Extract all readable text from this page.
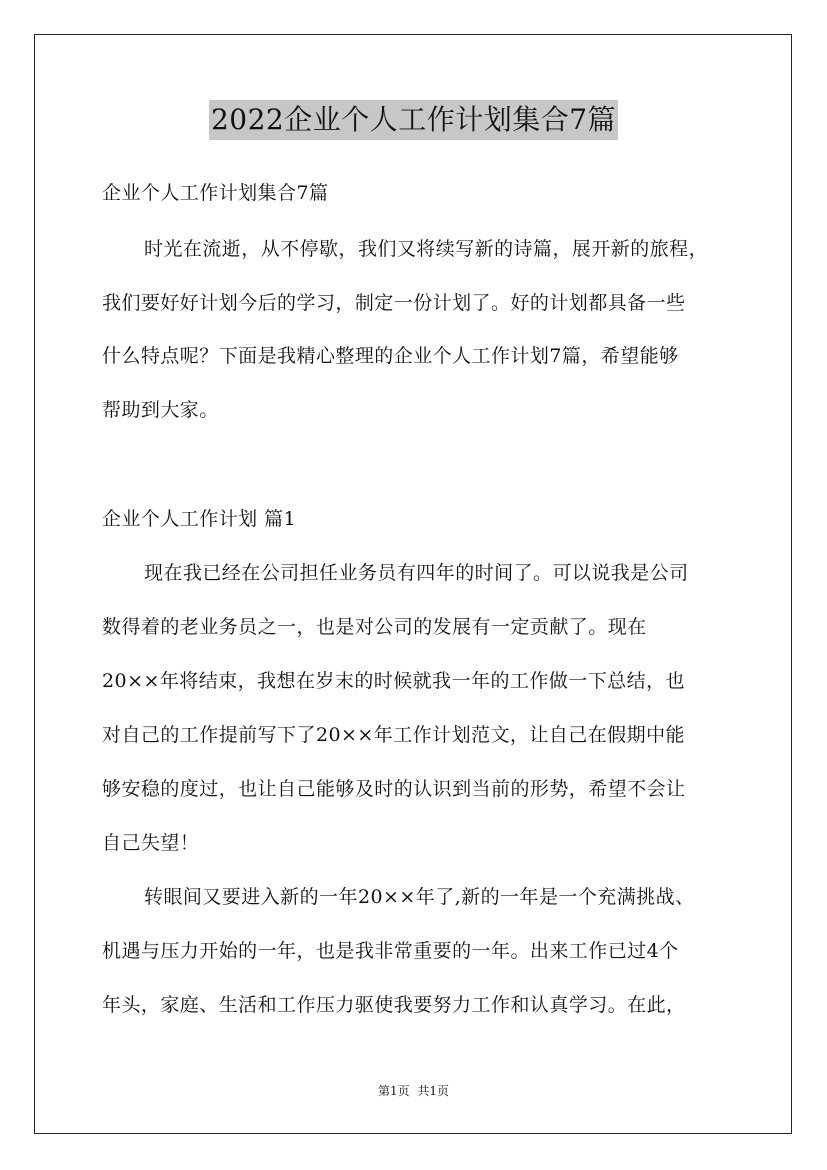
2022企业个人工作计划集合7篇
企业个人工作计划集合7篇
时光在流逝，从不停歇，我们又将续写新的诗篇，展开新的旅程，
我们要好好计划今后的学习，制定一份计划了。好的计划都具备一些
什么特点呢？下面是我精心整理的企业个人工作计划7篇，希望能够
帮助到大家。
企业个人工作计划 篇1
现在我已经在公司担任业务员有四年的时间了。可以说我是公司
数得着的老业务员之一，也是对公司的发展有一定贡献了。现在
20××年将结束，我想在岁末的时候就我一年的工作做一下总结，也
对自己的工作提前写下了20××年工作计划范文，让自己在假期中能
够安稳的度过，也让自己能够及时的认识到当前的形势，希望不会让
自己失望！
转眼间又要进入新的一年20××年了,新的一年是一个充满挑战、
机遇与压力开始的一年，也是我非常重要的一年。出来工作已过4个
年头，家庭、生活和工作压力驱使我要努力工作和认真学习。在此，
第1页 共1页
